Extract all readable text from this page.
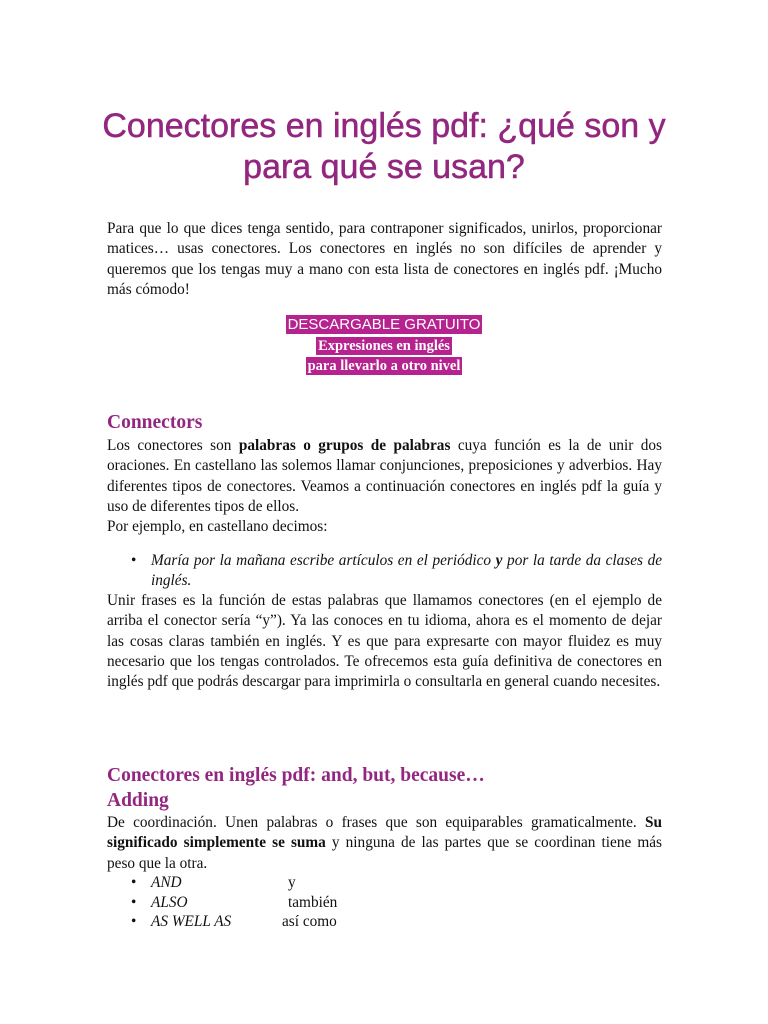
Conectores en inglés pdf: ¿qué son y para qué se usan?

Para que lo que dices tenga sentido, para contraponer significados, unirlos, proporcionar matices… usas conectores. Los conectores en inglés no son difíciles de aprender y queremos que los tengas muy a mano con esta lista de conectores en inglés pdf. ¡Mucho más cómodo!

DESCARGABLE GRATUITO
Expresiones en inglés
para llevarlo a otro nivel
Connectors

Los conectores son palabras o grupos de palabras cuya función es la de unir dos oraciones. En castellano las solemos llamar conjunciones, preposiciones y adverbios. Hay diferentes tipos de conectores. Veamos a continuación conectores en inglés pdf la guía y uso de diferentes tipos de ellos.
Por ejemplo, en castellano decimos:

• María por la mañana escribe artículos en el periódico y por la tarde da clases de inglés.

Unir frases es la función de estas palabras que llamamos conectores (en el ejemplo de arriba el conector sería “y”). Ya las conoces en tu idioma, ahora es el momento de dejar las cosas claras también en inglés. Y es que para expresarte con mayor fluidez es muy necesario que los tengas controlados. Te ofrecemos esta guía definitiva de conectores en inglés pdf que podrás descargar para imprimirla o consultarla en general cuando necesites.

Conectores en inglés pdf: and, but, because…
Adding

De coordinación. Unen palabras o frases que son equiparables gramaticalmente. Su significado simplemente se suma y ninguna de las partes que se coordinan tiene más peso que la otra.

• AND	y
• ALSO	también
• AS WELL AS	así como
